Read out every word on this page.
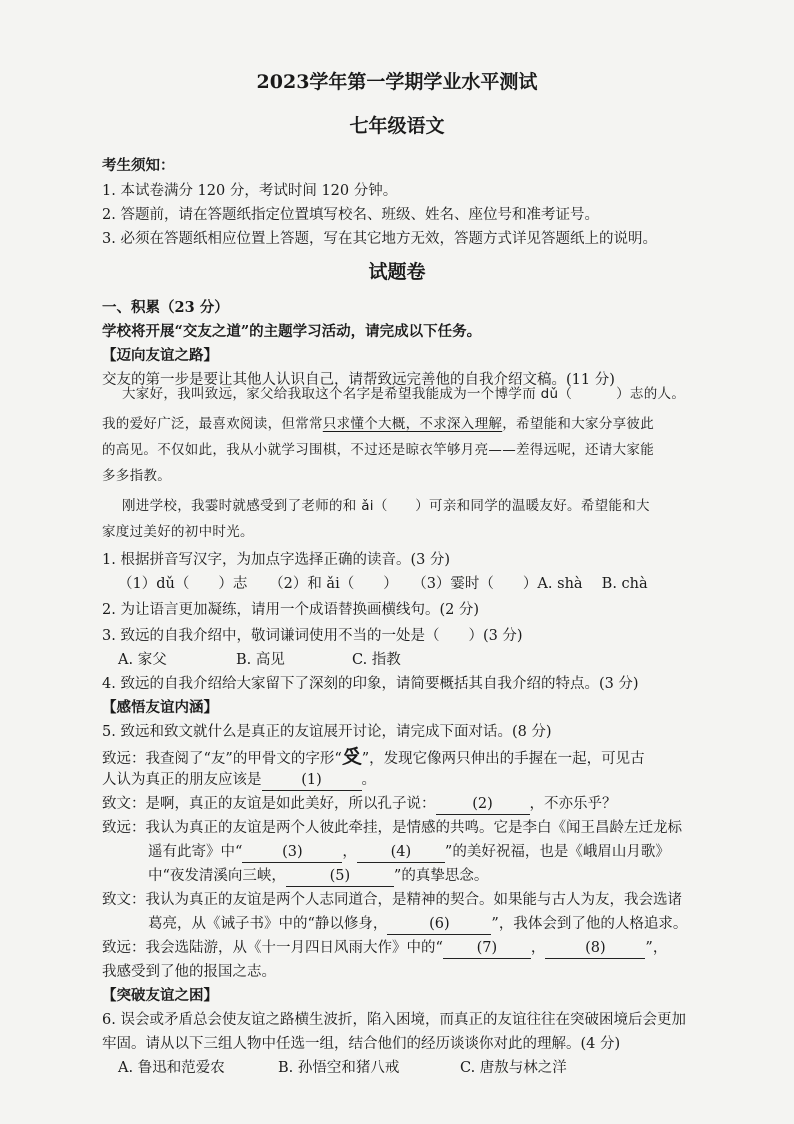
2023学年第一学期学业水平测试
七年级语文
考生须知：
1. 本试卷满分 120 分，考试时间 120 分钟。
2. 答题前，请在答题纸指定位置填写校名、班级、姓名、座位号和准考证号。
3. 必须在答题纸相应位置上答题，写在其它地方无效，答题方式详见答题纸上的说明。
试题卷
一、积累（23 分）
学校将开展“交友之道”的主题学习活动，请完成以下任务。
【迈向友谊之路】
交友的第一步是要让其他人认识自己，请帮致远完善他的自我介绍文稿。(11 分)
大家好，我叫致远，家父给我取这个名字是希望我能成为一个博学而 dǔ（	）志的人。
我的爱好广泛，最喜欢阅读，但常常只求懂个大概，不求深入理解，希望能和大家分享彼此
的高见。不仅如此，我从小就学习围棋，不过还是晾衣竿够月亮——差得远呢，还请大家能
多多指教。
刚进学校，我霎时就感受到了老师的和 ǎi（　　）可亲和同学的温暖友好。希望能和大
家度过美好的初中时光。
1. 根据拼音写汉字，为加点字选择正确的读音。(3 分)
（1）dǔ（　　）志　　（2）和 ǎi（　　）　　（3）霎时（　　）A. shà　 B. chà
2. 为让语言更加凝练，请用一个成语替换画横线句。(2 分)
3. 致远的自我介绍中，敬词谦词使用不当的一处是（　　）(3 分)
A. 家父	B. 高见	C. 指教
4. 致远的自我介绍给大家留下了深刻的印象，请简要概括其自我介绍的特点。(3 分)
【感悟友谊内涵】
5. 致远和致文就什么是真正的友谊展开讨论，请完成下面对话。(8 分)
致远：我查阅了“友”的甲骨文的字形“𠬪”，发现它像两只伸出的手握在一起，可见古
人认为真正的朋友应该是	(1)	。
致文：是啊，真正的友谊是如此美好，所以孔子说：	(2)	，不亦乐乎？
致远：我认为真正的友谊是两个人彼此牵挂，是情感的共鸣。它是李白《闻王昌龄左迁龙标
遥有此寄》中“	(3)	， (4) ”的美好祝福，也是《峨眉山月歌》
中“夜发清溪向三峡，	(5)	”的真挚思念。
致文：我认为真正的友谊是两个人志同道合，是精神的契合。如果能与古人为友，我会选诸
葛亮，从《诫子书》中的“静以修身，	(6)	”，我体会到了他的人格追求。
致远：我会选陆游，从《十一月四日风雨大作》中的“ (7) ，	(8)	”，
我感受到了他的报国之志。
【突破友谊之困】
6. 误会或矛盾总会使友谊之路横生波折，陷入困境，而真正的友谊往往在突破困境后会更加
牢固。请从以下三组人物中任选一组，结合他们的经历谈谈你对此的理解。(4 分)
A. 鲁迅和范爱农	B. 孙悟空和猪八戒	C. 唐敖与林之洋
